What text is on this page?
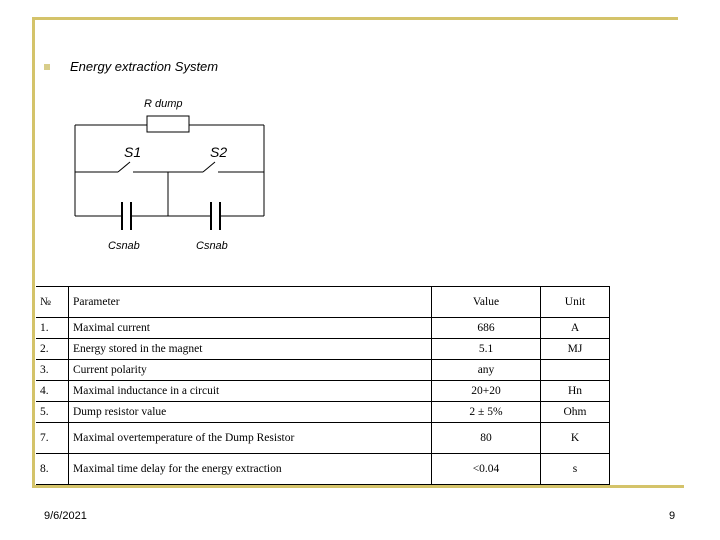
Energy extraction System
R dump
S1	S2
Csnab	Csnab
№	Parameter	Value	Unit
1.	Maximal current	686	A
2.	Energy stored in the magnet	5.1	MJ
3.	Current polarity	any	
4.	Maximal inductance in a circuit	20+20	Hn
5.	Dump resistor value	2 ± 5%	Ohm
7.	Maximal overtemperature of the Dump Resistor	80	K
8.	Maximal time delay for the energy extraction	<0.04	s
9/6/2021	9
